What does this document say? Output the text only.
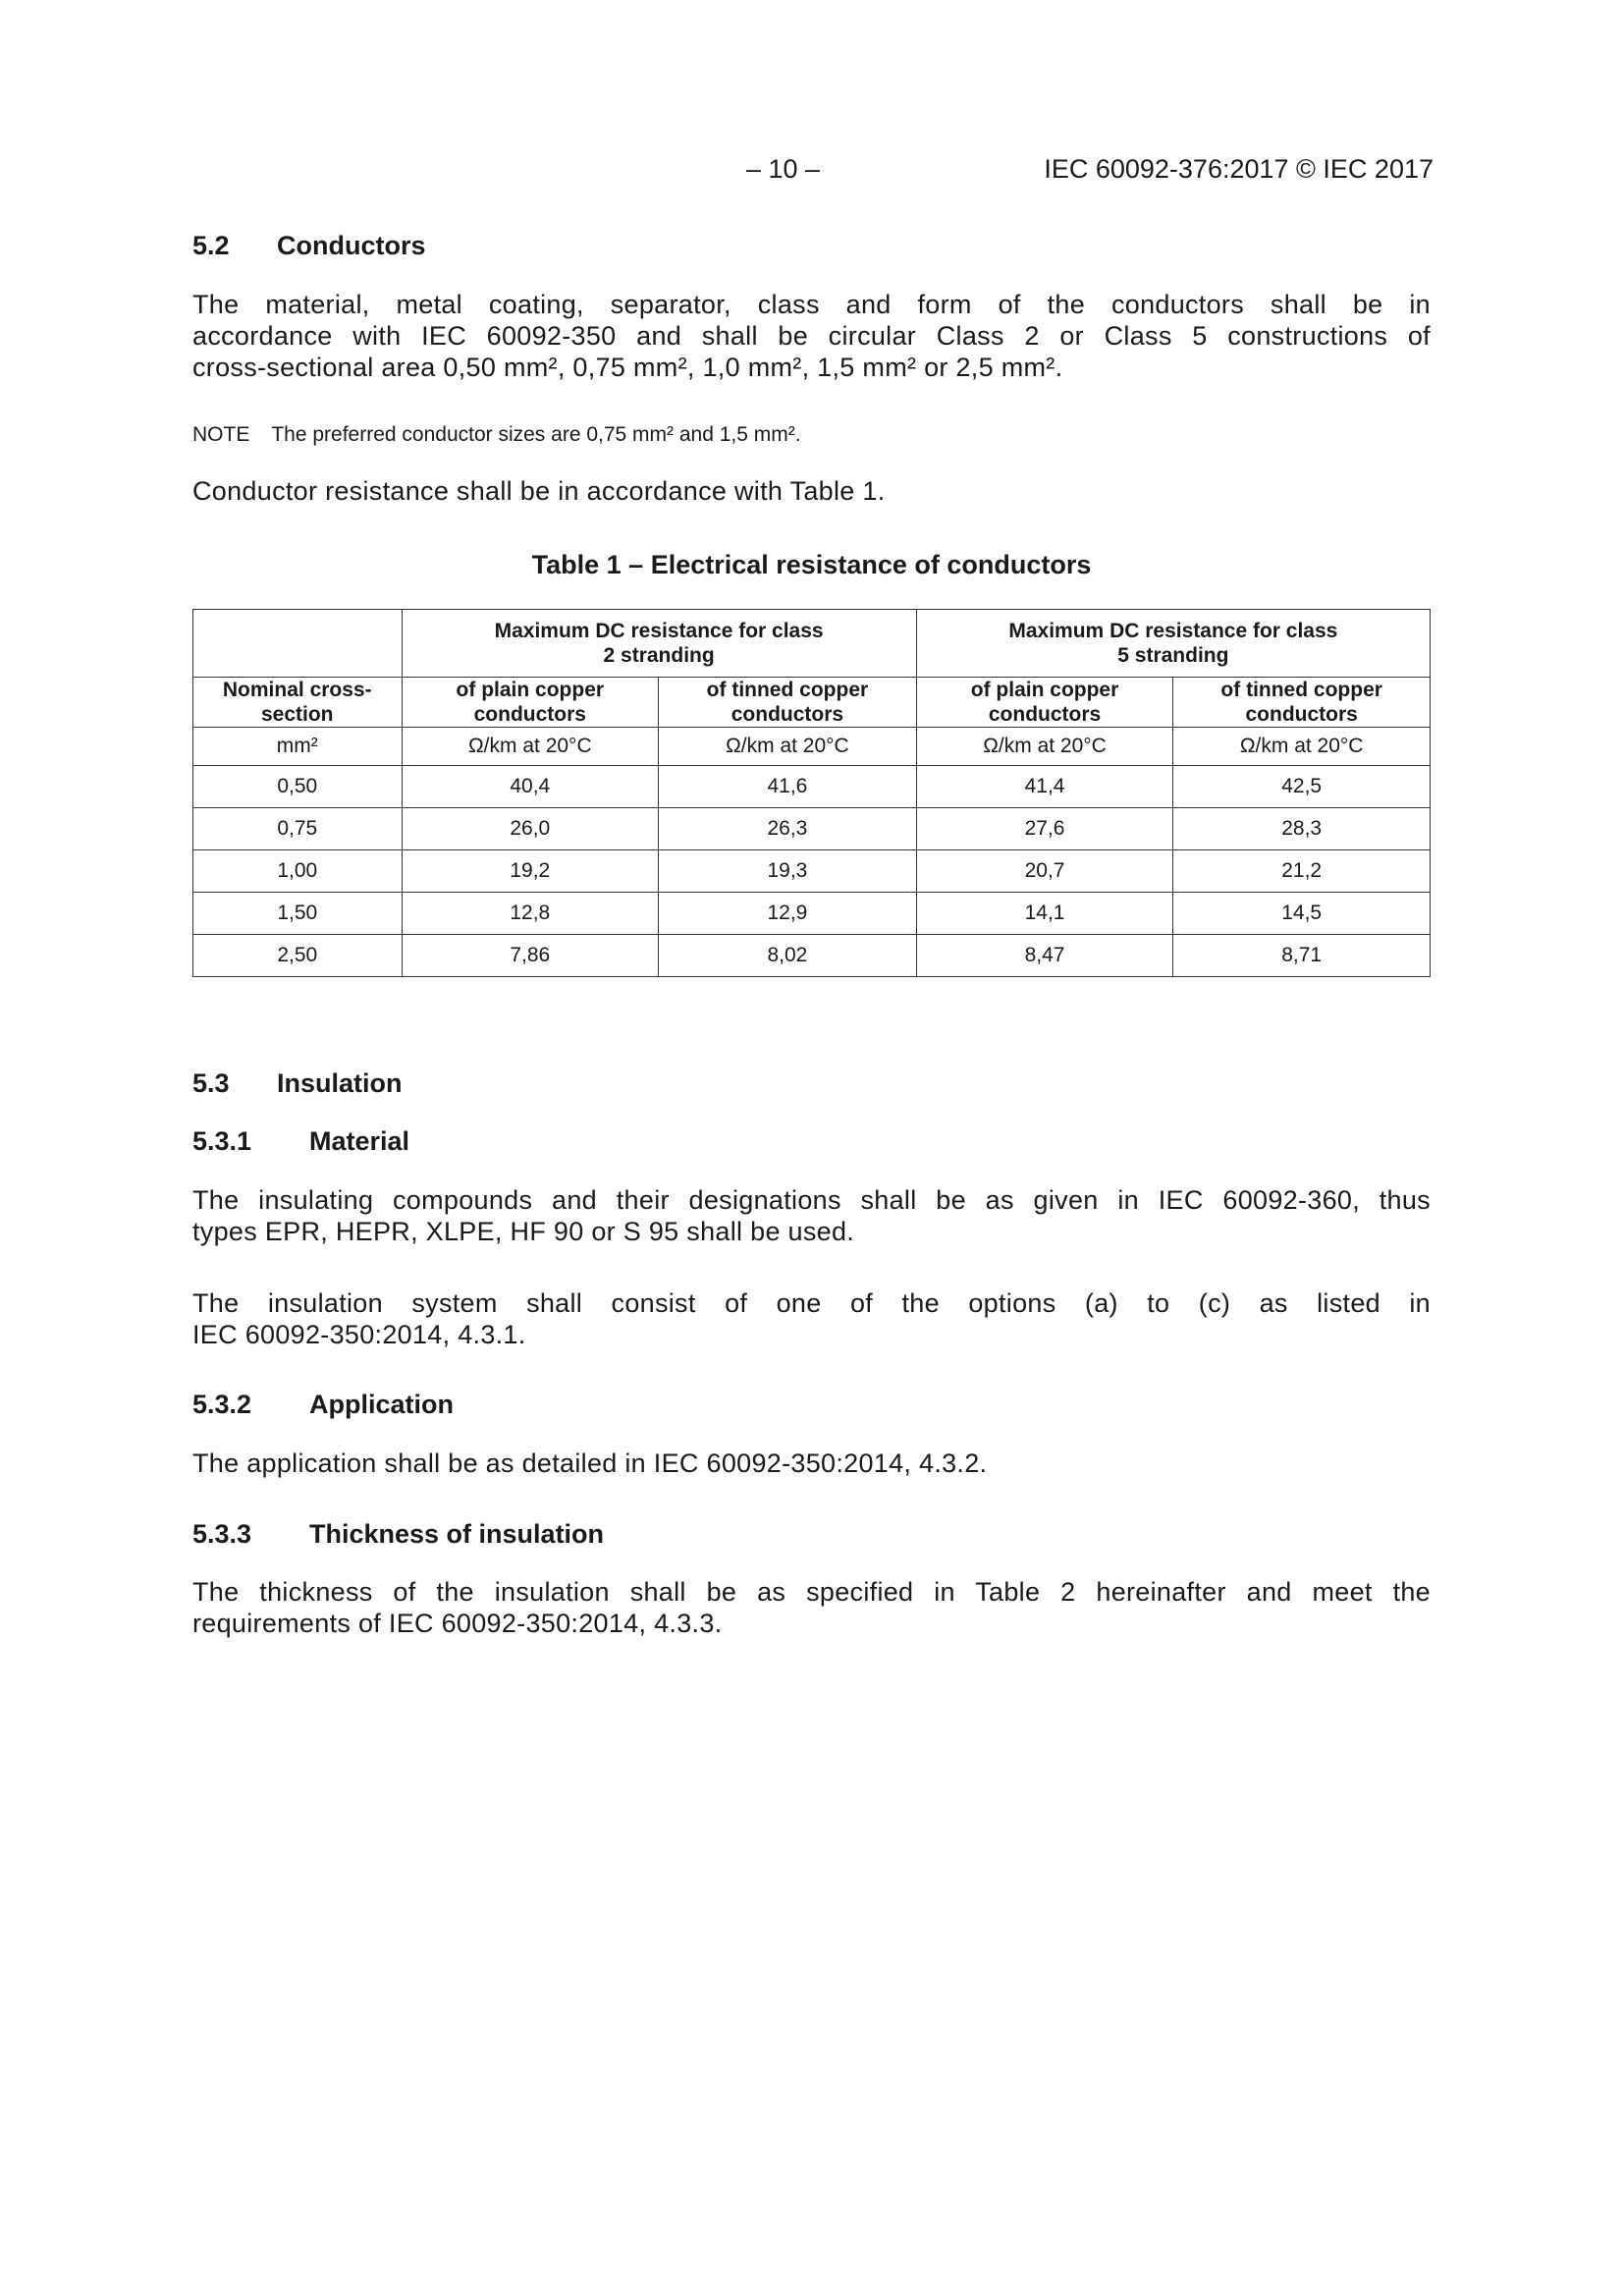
– 10 –	IEC 60092-376:2017 © IEC 2017
5.2 Conductors
The material, metal coating, separator, class and form of the conductors shall be in
accordance with IEC 60092-350 and shall be circular Class 2 or Class 5 constructions of
cross-sectional area 0,50 mm², 0,75 mm², 1,0 mm², 1,5 mm² or 2,5 mm².
NOTE The preferred conductor sizes are 0,75 mm² and 1,5 mm².
Conductor resistance shall be in accordance with Table 1.
Table 1 – Electrical resistance of conductors
	Maximum DC resistance for class 2 stranding		Maximum DC resistance for class 5 stranding	
Nominal cross-section	of plain copper conductors	of tinned copper conductors	of plain copper conductors	of tinned copper conductors
mm²	Ω/km at 20°C	Ω/km at 20°C	Ω/km at 20°C	Ω/km at 20°C
0,50	40,4	41,6	41,4	42,5
0,75	26,0	26,3	27,6	28,3
1,00	19,2	19,3	20,7	21,2
1,50	12,8	12,9	14,1	14,5
2,50	7,86	8,02	8,47	8,71
5.3 Insulation
5.3.1 Material
The insulating compounds and their designations shall be as given in IEC 60092-360, thus
types EPR, HEPR, XLPE, HF 90 or S 95 shall be used.
The insulation system shall consist of one of the options (a) to (c) as listed in
IEC 60092-350:2014, 4.3.1.
5.3.2 Application
The application shall be as detailed in IEC 60092-350:2014, 4.3.2.
5.3.3 Thickness of insulation
The thickness of the insulation shall be as specified in Table 2 hereinafter and meet the
requirements of IEC 60092-350:2014, 4.3.3.
